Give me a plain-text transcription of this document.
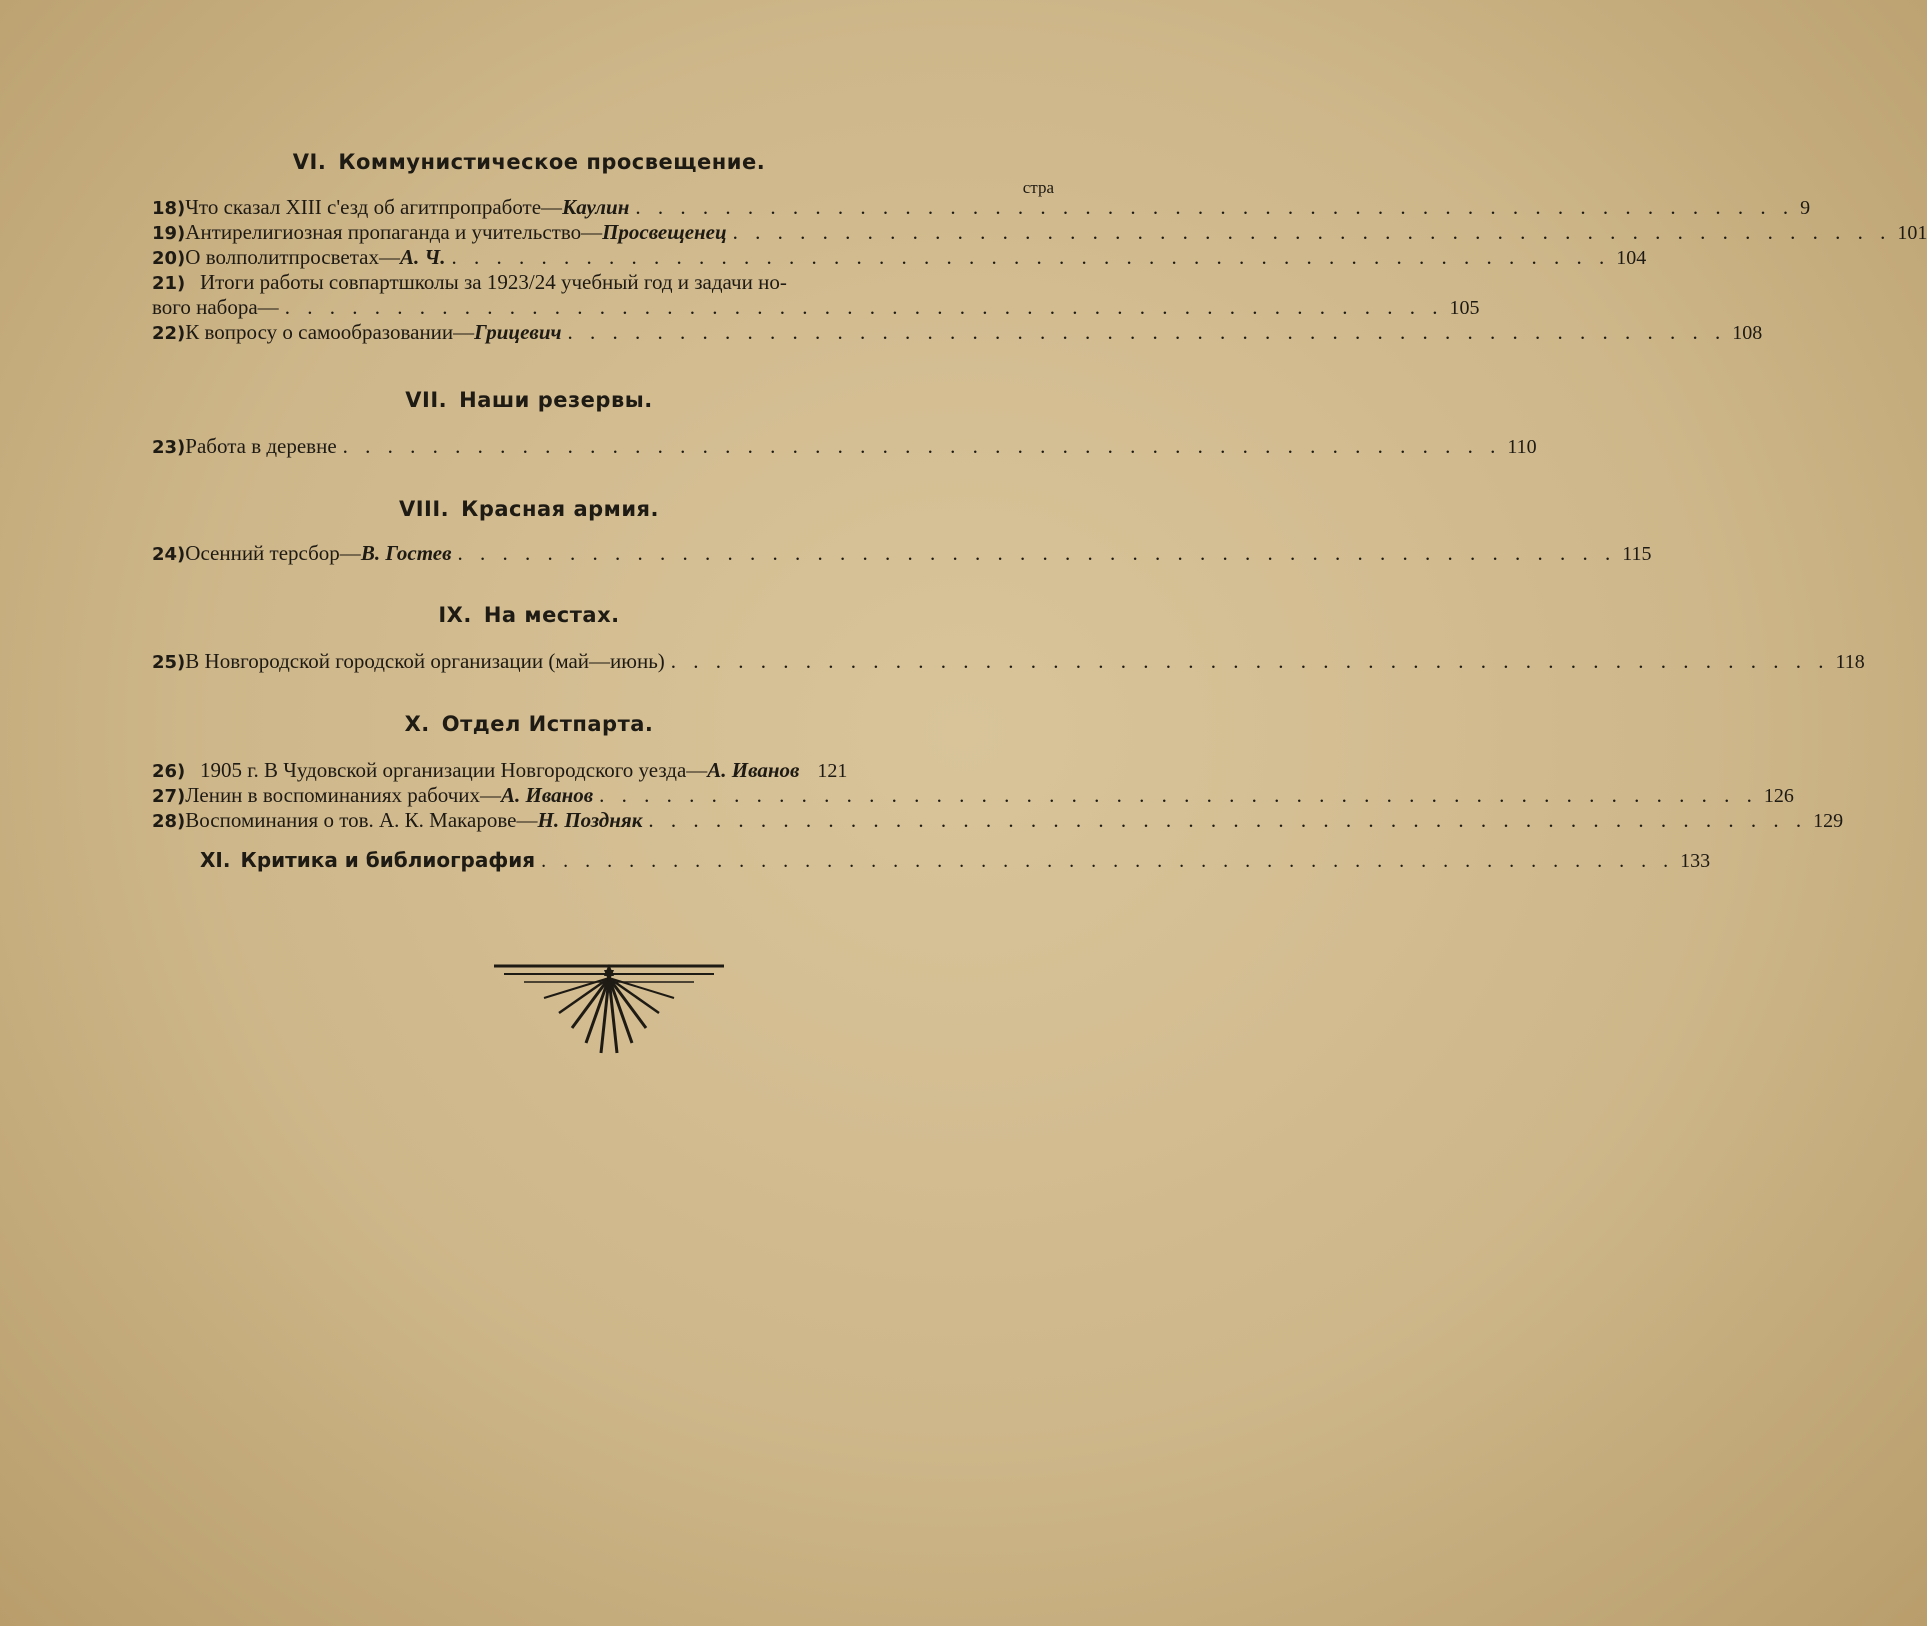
VI. Коммунистическое просвещение.
стра
18) Что сказал XIII с'езд об агитпропработе— Каулин . . . . . . . . . . . . . . . . . . . . . . . . . . . . . . . . . . . . . . . . . . . . . . . . . . . . 9
19) Антирелигиозная пропаганда и учительство— Просвещенец . . . . . . . . . . . . . . . . . . . . . . . . . . . . . . . . . . . . . . . . . . . . . . . . . . . . 101
20) О волполитпросветах— А. Ч. . . . . . . . . . . . . . . . . . . . . . . . . . . . . . . . . . . . . . . . . . . . . . . . . . . . . 104
21) Итоги работы совпартшколы за 1923/24 учебный год и задачи но-
вого набора— . . . . . . . . . . . . . . . . . . . . . . . . . . . . . . . . . . . . . . . . . . . . . . . . . . . . 105
22) К вопросу о самообразовании— Грицевич . . . . . . . . . . . . . . . . . . . . . . . . . . . . . . . . . . . . . . . . . . . . . . . . . . . . 108
VII. Наши резервы.
23) Работа в деревне . . . . . . . . . . . . . . . . . . . . . . . . . . . . . . . . . . . . . . . . . . . . . . . . . . . . 110
VIII. Красная армия.
24) Осенний терсбор— В. Гостев . . . . . . . . . . . . . . . . . . . . . . . . . . . . . . . . . . . . . . . . . . . . . . . . . . . . 115
IX. На местах.
25) В Новгородской городской организации (май—июнь) . . . . . . . . . . . . . . . . . . . . . . . . . . . . . . . . . . . . . . . . . . . . . . . . . . . . 118
X. Отдел Истпарта.
26) 1905 г. В Чудовской организации Новгородского уезда— А. Иванов 121
27) Ленин в воспоминаниях рабочих— А. Иванов . . . . . . . . . . . . . . . . . . . . . . . . . . . . . . . . . . . . . . . . . . . . . . . . . . . . 126
28) Воспоминания о тов. А. К. Макарове— Н. Поздняк . . . . . . . . . . . . . . . . . . . . . . . . . . . . . . . . . . . . . . . . . . . . . . . . . . . . 129
XI. Критика и библиография . . . . . . . . . . . . . . . . . . . . . . . . . . . . . . . . . . . . . . . . . . . . . . . . . . . . 133
